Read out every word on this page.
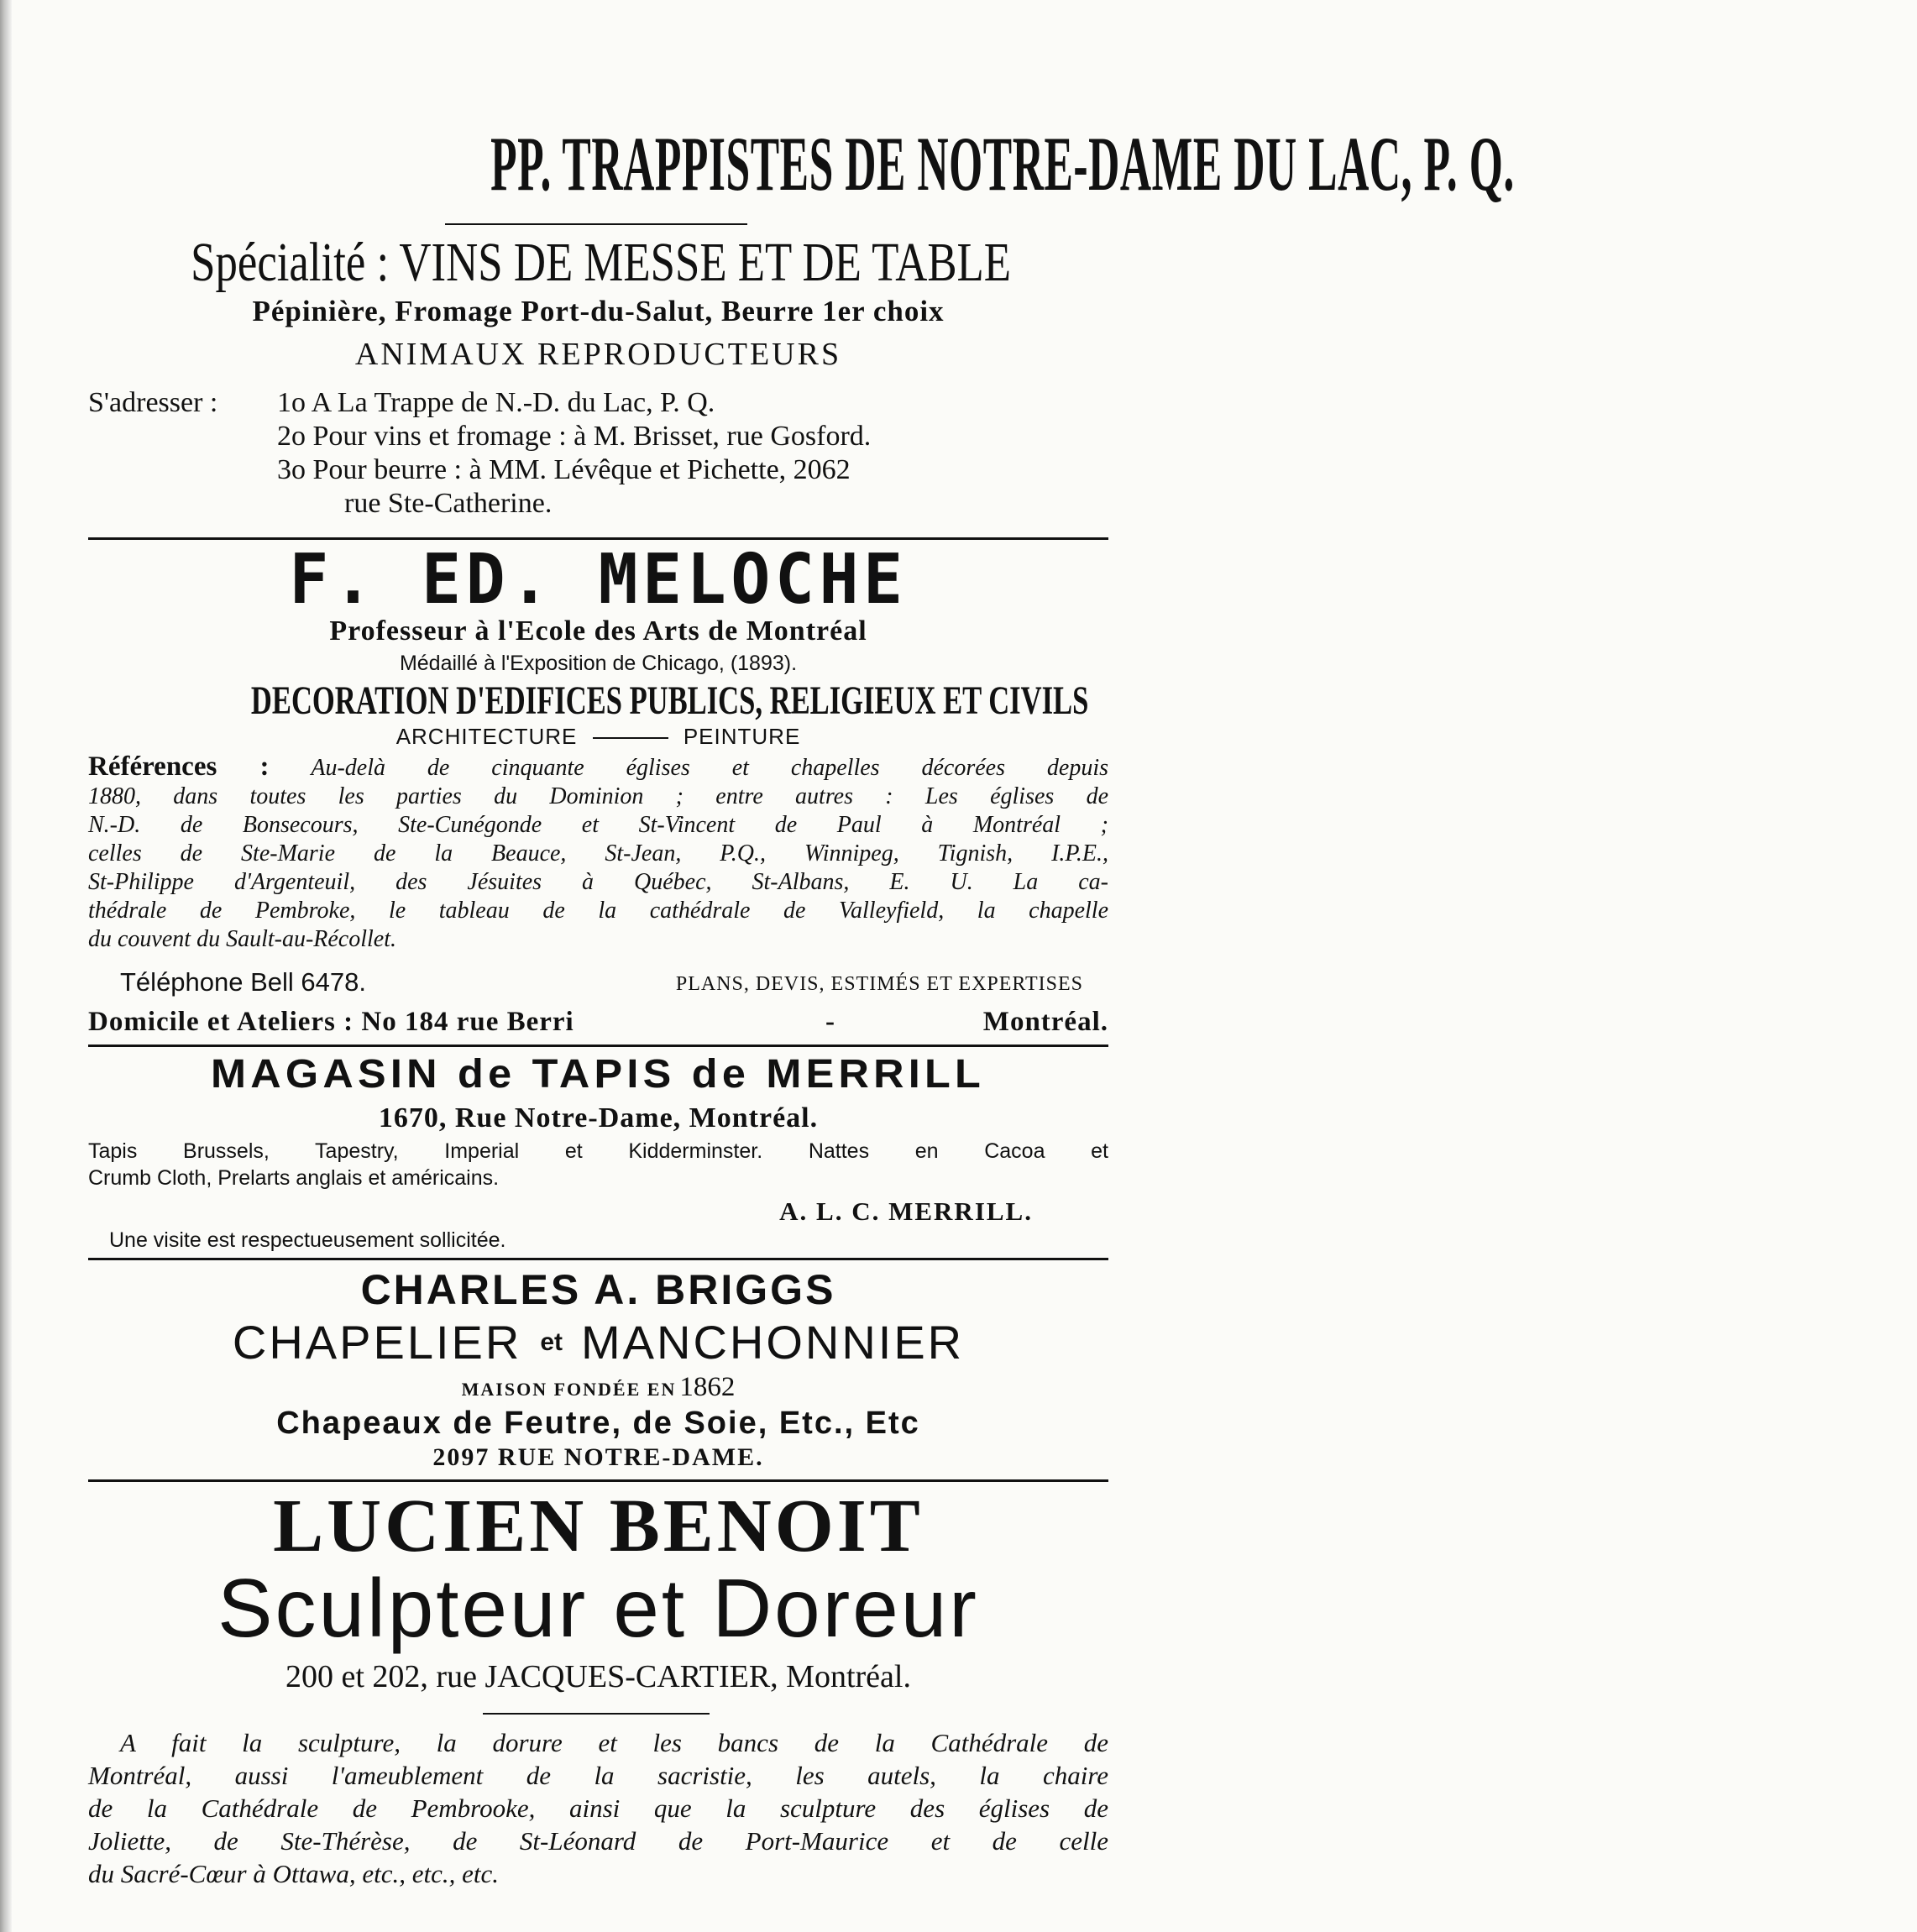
PP. TRAPPISTES DE NOTRE-DAME DU LAC, P. Q.
Spécialité : VINS DE MESSE ET DE TABLE
Pépinière, Fromage Port-du-Salut, Beurre 1er choix
ANIMAUX REPRODUCTEURS
S'adresser : 1o A La Trappe de N.-D. du Lac, P. Q.
2o Pour vins et fromage : à M. Brisset, rue Gosford.
3o Pour beurre : à MM. Lévêque et Pichette, 2062
rue Ste-Catherine.
F. ED. MELOCHE
Professeur à l'Ecole des Arts de Montréal
Médaillé à l'Exposition de Chicago, (1893).
DECORATION D'EDIFICES PUBLICS, RELIGIEUX ET CIVILS
ARCHITECTURE	PEINTURE
Références : Au-delà de cinquante églises et chapelles décorées depuis
1880, dans toutes les parties du Dominion ; entre autres : Les églises de
N.-D. de Bonsecours, Ste-Cunégonde et St-Vincent de Paul à Montréal ;
celles de Ste-Marie de la Beauce, St-Jean, P.Q., Winnipeg, Tignish, I.P.E.,
St-Philippe d'Argenteuil, des Jésuites à Québec, St-Albans, E. U. La ca-
thédrale de Pembroke, le tableau de la cathédrale de Valleyfield, la chapelle
du couvent du Sault-au-Récollet.
Téléphone Bell 6478.	PLANS, DEVIS, ESTIMÉS ET EXPERTISES
Domicile et Ateliers : No 184 rue Berri	-	Montréal.
MAGASIN de TAPIS de MERRILL
1670, Rue Notre-Dame, Montréal.
Tapis Brussels, Tapestry, Imperial et Kidderminster. Nattes en Cacoa et
Crumb Cloth, Prelarts anglais et américains.
A. L. C. MERRILL.
Une visite est respectueusement sollicitée.
CHARLES A. BRIGGS
CHAPELIER et MANCHONNIER
MAISON FONDÉE EN 1862
Chapeaux de Feutre, de Soie, Etc., Etc
2097 RUE NOTRE-DAME.
LUCIEN BENOIT
Sculpteur et Doreur
200 et 202, rue JACQUES-CARTIER, Montréal.
A fait la sculpture, la dorure et les bancs de la Cathédrale de
Montréal, aussi l'ameublement de la sacristie, les autels, la chaire
de la Cathédrale de Pembrooke, ainsi que la sculpture des églises de
Joliette, de Ste-Thérèse, de St-Léonard de Port-Maurice et de celle
du Sacré-Cœur à Ottawa, etc., etc., etc.
